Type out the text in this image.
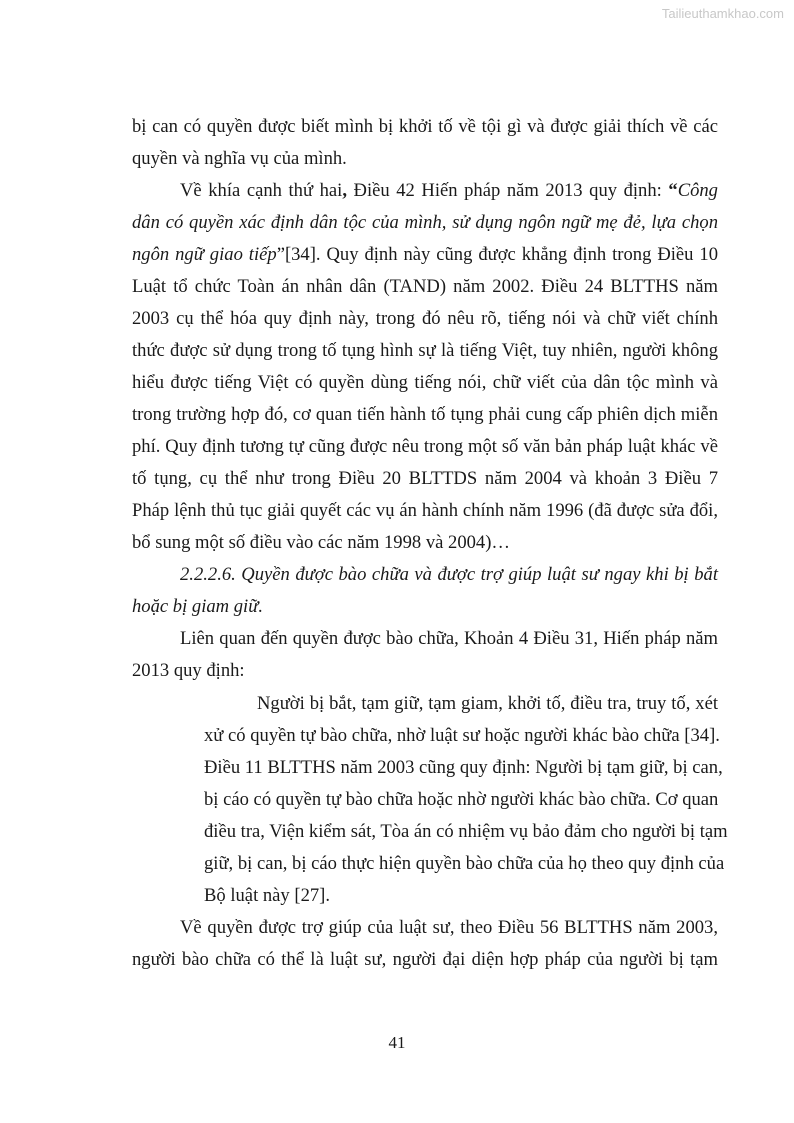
Tailieuthamkhao.com
bị can có quyền được biết mình bị khởi tố về tội gì và được giải thích về các
quyền và nghĩa vụ của mình.
Về khía cạnh thứ hai, Điều 42 Hiến pháp năm 2013 quy định: “Công
dân có quyền xác định dân tộc của mình, sử dụng ngôn ngữ mẹ đẻ, lựa chọn
ngôn ngữ giao tiếp”[34]. Quy định này cũng được khẳng định trong Điều 10
Luật tổ chức Toàn án nhân dân (TAND) năm 2002. Điều 24 BLTTHS năm
2003 cụ thể hóa quy định này, trong đó nêu rõ, tiếng nói và chữ viết chính
thức được sử dụng trong tố tụng hình sự là tiếng Việt, tuy nhiên, người không
hiểu được tiếng Việt có quyền dùng tiếng nói, chữ viết của dân tộc mình và
trong trường hợp đó, cơ quan tiến hành tố tụng phải cung cấp phiên dịch miễn
phí. Quy định tương tự cũng được nêu trong một số văn bản pháp luật khác về
tố tụng, cụ thể như trong Điều 20 BLTTDS năm 2004 và khoản 3 Điều 7
Pháp lệnh thủ tục giải quyết các vụ án hành chính năm 1996 (đã được sửa đổi,
bổ sung một số điều vào các năm 1998 và 2004)…
2.2.2.6. Quyền được bào chữa và được trợ giúp luật sư ngay khi bị bắt
hoặc bị giam giữ.
Liên quan đến quyền được bào chữa, Khoản 4 Điều 31, Hiến pháp năm
2013 quy định:
Người bị bắt, tạm giữ, tạm giam, khởi tố, điều tra, truy tố, xét
xử có quyền tự bào chữa, nhờ luật sư hoặc người khác bào chữa [34].
Điều 11 BLTTHS năm 2003 cũng quy định: Người bị tạm giữ, bị can,
bị cáo có quyền tự bào chữa hoặc nhờ người khác bào chữa. Cơ quan
điều tra, Viện kiểm sát, Tòa án có nhiệm vụ bảo đảm cho người bị tạm
giữ, bị can, bị cáo thực hiện quyền bào chữa của họ theo quy định của
Bộ luật này [27].
Về quyền được trợ giúp của luật sư, theo Điều 56 BLTTHS năm 2003,
người bào chữa có thể là luật sư, người đại diện hợp pháp của người bị tạm
41
